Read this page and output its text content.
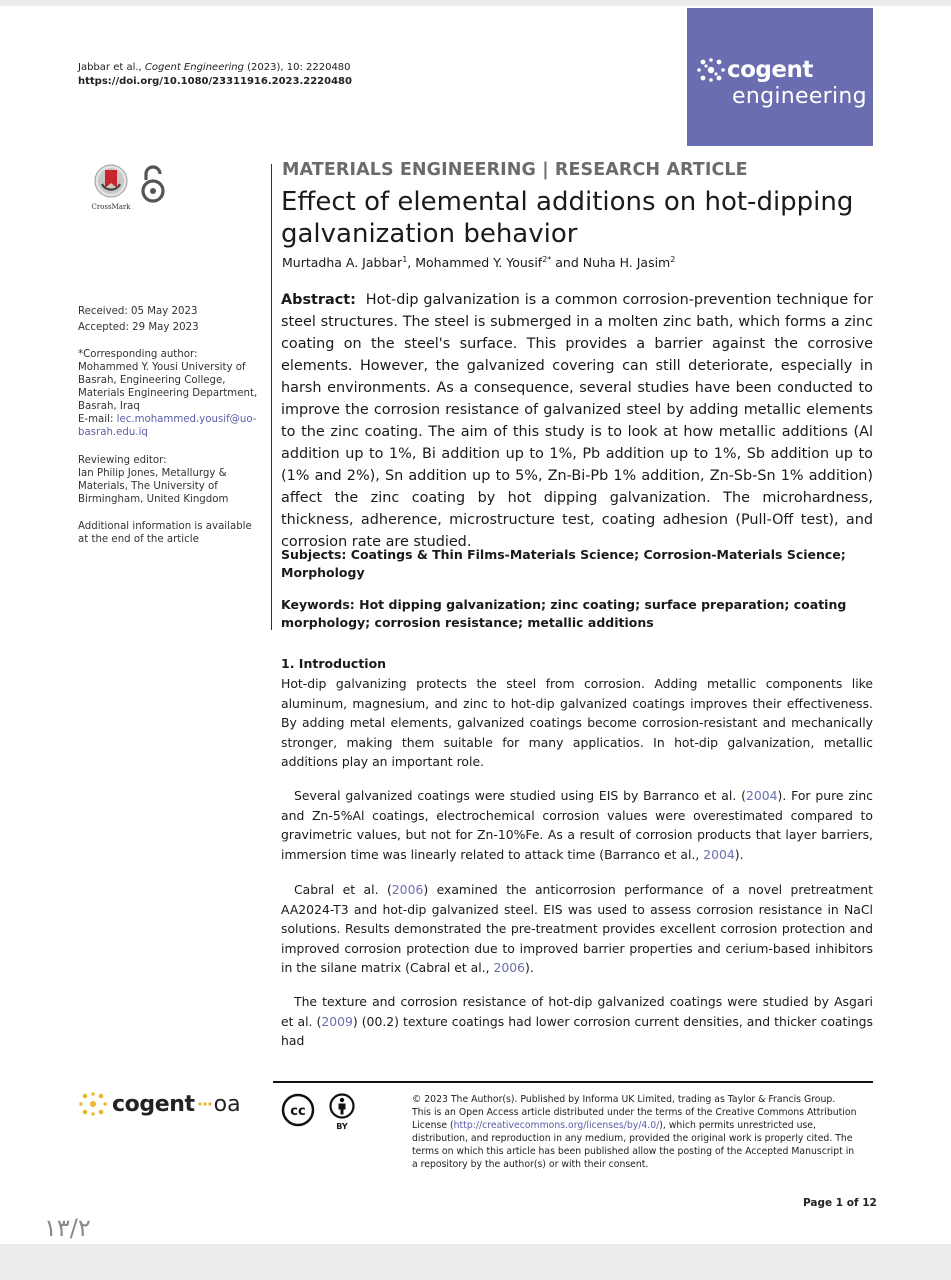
Jabbar et al., Cogent Engineering (2023), 10: 2220480
https://doi.org/10.1080/23311916.2023.2220480	cogent
engineering
CrossMark
Received: 05 May 2023
Accepted: 29 May 2023
*Corresponding author: Mohammed Y. Yousi University of Basrah, Engineering College, Materials Engineering Department, Basrah, Iraq
E-mail: lec.mohammed.yousif@uo-basrah.edu.iq
Reviewing editor:
Ian Philip Jones, Metallurgy & Materials, The University of Birmingham, United Kingdom
Additional information is available at the end of the article
MATERIALS ENGINEERING | RESEARCH ARTICLE
Effect of elemental additions on hot-dipping galvanization behavior
Murtadha A. Jabbar$^1$, Mohammed Y. Yousif$^{2*}$ and Nuha H. Jasim$^2$
Abstract: Hot-dip galvanization is a common corrosion-prevention technique for steel structures. The steel is submerged in a molten zinc bath, which forms a zinc coating on the steel's surface. This provides a barrier against the corrosive elements. However, the galvanized covering can still deteriorate, especially in harsh environments. As a consequence, several studies have been conducted to improve the corrosion resistance of galvanized steel by adding metallic elements to the zinc coating. The aim of this study is to look at how metallic additions (Al addition up to 1%, Bi addition up to 1%, Pb addition up to 1%, Sb addition up to (1% and 2%), Sn addition up to 5%, Zn-Bi-Pb 1% addition, Zn-Sb-Sn 1% addition) affect the zinc coating by hot dipping galvanization. The microhardness, thickness, adherence, microstructure test, coating adhesion (Pull-Off test), and corrosion rate are studied.
Subjects: Coatings & Thin Films-Materials Science; Corrosion-Materials Science; Morphology
Keywords: Hot dipping galvanization; zinc coating; surface preparation; coating morphology; corrosion resistance; metallic additions
1. Introduction
Hot-dip galvanizing protects the steel from corrosion. Adding metallic components like aluminum, magnesium, and zinc to hot-dip galvanized coatings improves their effectiveness. By adding metal elements, galvanized coatings become corrosion-resistant and mechanically stronger, making them suitable for many applicatios. In hot-dip galvanization, metallic additions play an important role.
Several galvanized coatings were studied using EIS by Barranco et al. (2004). For pure zinc and Zn-5%Al coatings, electrochemical corrosion values were overestimated compared to gravimetric values, but not for Zn-10%Fe. As a result of corrosion products that layer barriers, immersion time was linearly related to attack time (Barranco et al., 2004).
Cabral et al. (2006) examined the anticorrosion performance of a novel pretreatment AA2024-T3 and hot-dip galvanized steel. EIS was used to assess corrosion resistance in NaCl solutions. Results demonstrated the pre-treatment provides excellent corrosion protection and improved corrosion protection due to improved barrier properties and cerium-based inhibitors in the silane matrix (Cabral et al., 2006).
The texture and corrosion resistance of hot-dip galvanized coatings were studied by Asgari et al. (2009) (00.2) texture coatings had lower corrosion current densities, and thicker coatings had
cogent oa	cc
BY
© 2023 The Author(s). Published by Informa UK Limited, trading as Taylor & Francis Group. This is an Open Access article distributed under the terms of the Creative Commons Attribution License (http://creativecommons.org/licenses/by/4.0/), which permits unrestricted use, distribution, and reproduction in any medium, provided the original work is properly cited. The terms on which this article has been published allow the posting of the Accepted Manuscript in a repository by the author(s) or with their consent.
Page 1 of 12
١٣/٢
